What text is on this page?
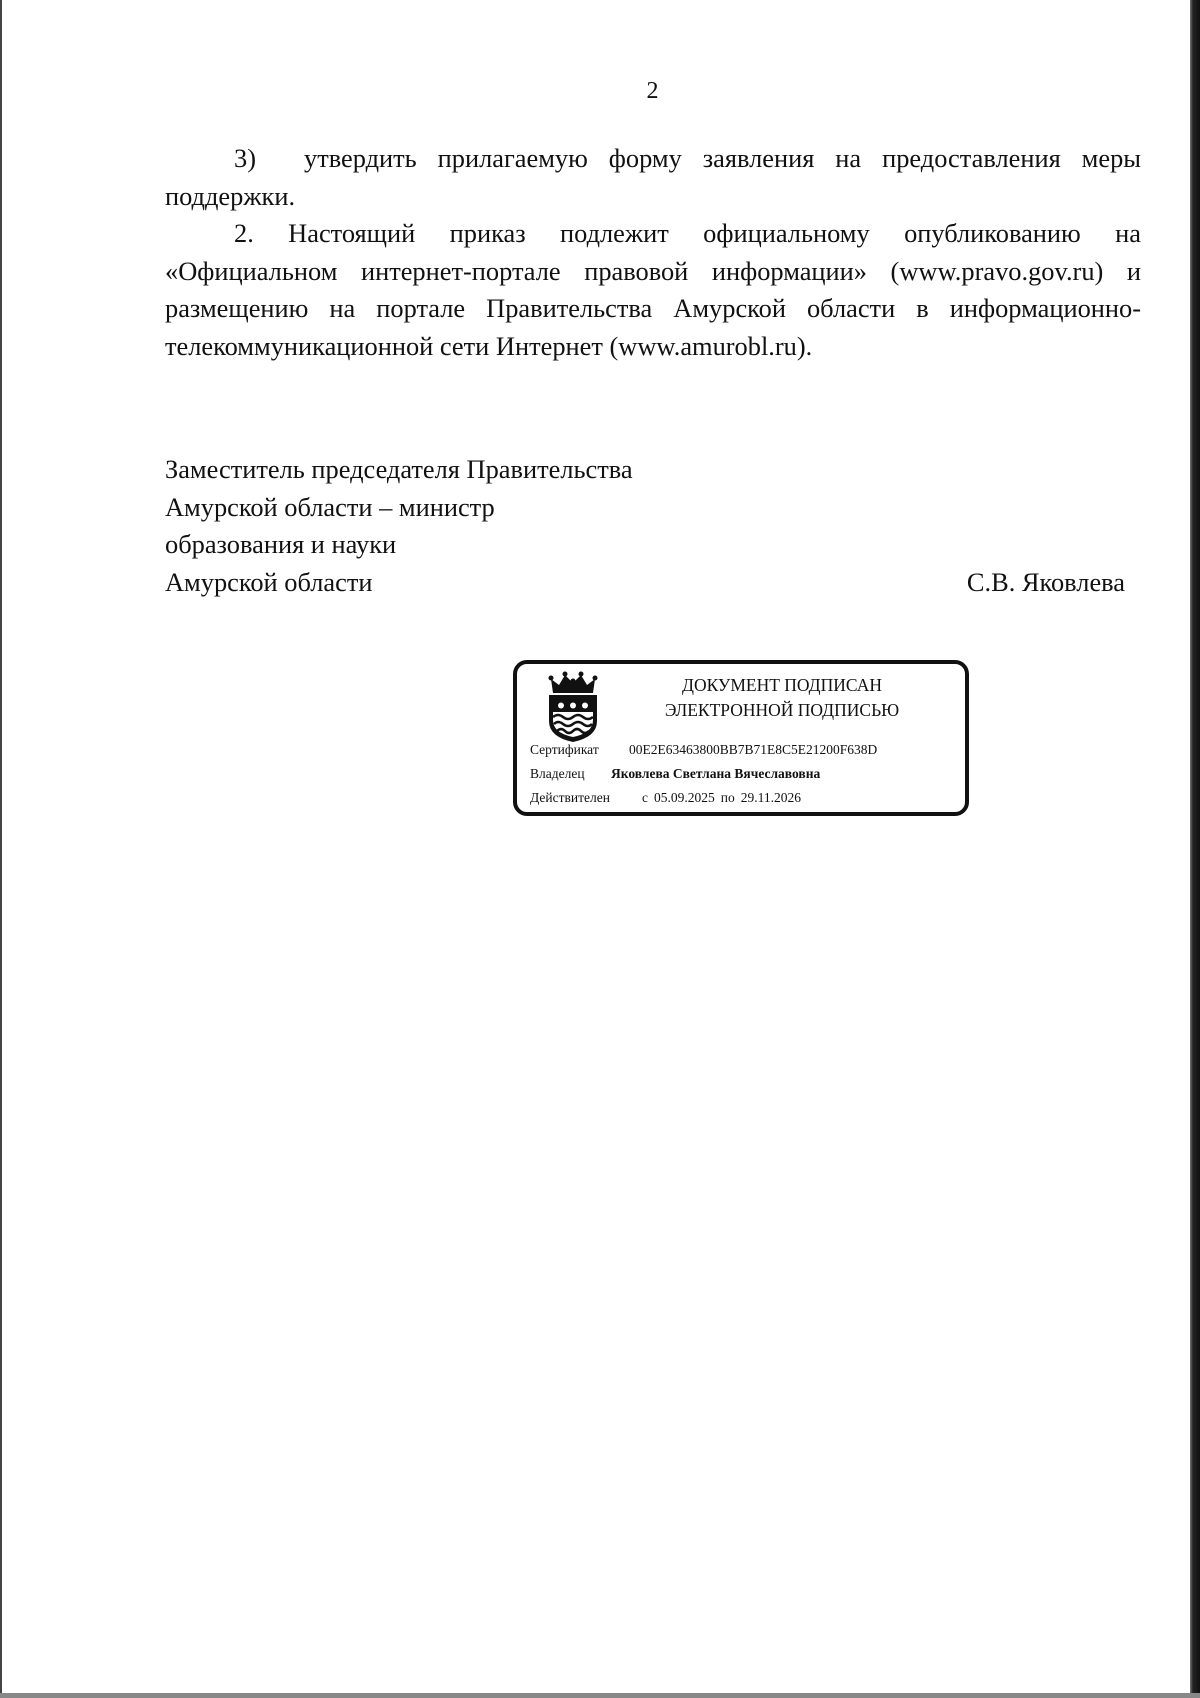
2
3) утвердить прилагаемую форму заявления на предоставления меры
поддержки.
2. Настоящий приказ подлежит официальному опубликованию на
«Официальном интернет-портале правовой информации» (www.pravo.gov.ru) и
размещению на портале Правительства Амурской области в информационно-
телекоммуникационной сети Интернет (www.amurobl.ru).
Заместитель председателя Правительства
Амурской области – министр
образования и науки
Амурской области	С.В. Яковлева
ДОКУМЕНТ ПОДПИСАН
ЭЛЕКТРОННОЙ ПОДПИСЬЮ
Сертификат 00E2E63463800BB7B71E8C5E21200F638D
Владелец Яковлева Светлана Вячеславовна
Действителен с 05.09.2025 по 29.11.2026
